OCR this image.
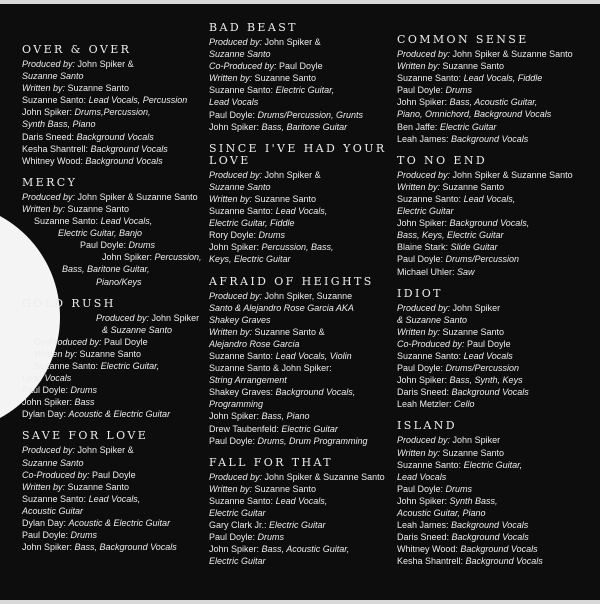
OVER & OVER
Produced by: John Spiker &
Suzanne Santo
Written by: Suzanne Santo
Suzanne Santo: Lead Vocals, Percussion
John Spiker: Drums,Percussion,
Synth Bass, Piano
Daris Sneed: Background Vocals
Kesha Shantrell: Background Vocals
Whitney Wood: Background Vocals
MERCY
Produced by: John Spiker & Suzanne Santo
Written by: Suzanne Santo
Suzanne Santo: Lead Vocals,
Electric Guitar, Banjo
Paul Doyle: Drums
John Spiker: Percussion,
Bass, Baritone Guitar,
Piano/Keys
GOLD RUSH
Produced by: John Spiker
& Suzanne Santo
Co-Produced by: Paul Doyle
Written by: Suzanne Santo
Suzanne Santo: Electric Guitar,
Lead Vocals
Paul Doyle: Drums
John Spiker: Bass
Dylan Day: Acoustic & Electric Guitar
SAVE FOR LOVE
Produced by: John Spiker &
Suzanne Santo
Co-Produced by: Paul Doyle
Written by: Suzanne Santo
Suzanne Santo: Lead Vocals,
Acoustic Guitar
Dylan Day: Acoustic & Electric Guitar
Paul Doyle: Drums
John Spiker: Bass, Background Vocals
BAD BEAST
Produced by: John Spiker &
Suzanne Santo
Co-Produced by: Paul Doyle
Written by: Suzanne Santo
Suzanne Santo: Electric Guitar,
Lead Vocals
Paul Doyle: Drums/Percussion, Grunts
John Spiker: Bass, Baritone Guitar
SINCE I'VE HAD YOUR LOVE
Produced by: John Spiker &
Suzanne Santo
Written by: Suzanne Santo
Suzanne Santo: Lead Vocals,
Electric Guitar, Fiddle
Rory Doyle: Drums
John Spiker: Percussion, Bass,
Keys, Electric Guitar
AFRAID OF HEIGHTS
Produced by: John Spiker, Suzanne
Santo & Alejandro Rose Garcia AKA
Shakey Graves
Written by: Suzanne Santo &
Alejandro Rose Garcia
Suzanne Santo: Lead Vocals, Violin
Suzanne Santo & John Spiker:
String Arrangement
Shakey Graves: Background Vocals,
Programming
John Spiker: Bass, Piano
Drew Taubenfeld: Electric Guitar
Paul Doyle: Drums, Drum Programming
FALL FOR THAT
Produced by: John Spiker & Suzanne Santo
Written by: Suzanne Santo
Suzanne Santo: Lead Vocals,
Electric Guitar
Gary Clark Jr.: Electric Guitar
Paul Doyle: Drums
John Spiker: Bass, Acoustic Guitar,
Electric Guitar
COMMON SENSE
Produced by: John Spiker & Suzanne Santo
Written by: Suzanne Santo
Suzanne Santo: Lead Vocals, Fiddle
Paul Doyle: Drums
John Spiker: Bass, Acoustic Guitar,
Piano, Omnichord, Background Vocals
Ben Jaffe: Electric Guitar
Leah James: Background Vocals
TO NO END
Produced by: John Spiker & Suzanne Santo
Written by: Suzanne Santo
Suzanne Santo: Lead Vocals,
Electric Guitar
John Spiker: Background Vocals,
Bass, Keys, Electric Guitar
Blaine Stark: Slide Guitar
Paul Doyle: Drums/Percussion
Michael Uhler: Saw
IDIOT
Produced by: John Spiker
& Suzanne Santo
Written by: Suzanne Santo
Co-Produced by: Paul Doyle
Suzanne Santo: Lead Vocals
Paul Doyle: Drums/Percussion
John Spiker: Bass, Synth, Keys
Daris Sneed: Background Vocals
Leah Metzler: Cello
ISLAND
Produced by: John Spiker
Written by: Suzanne Santo
Suzanne Santo: Electric Guitar,
Lead Vocals
Paul Doyle: Drums
John Spiker: Synth Bass,
Acoustic Guitar, Piano
Leah James: Background Vocals
Daris Sneed: Background Vocals
Whitney Wood: Background Vocals
Kesha Shantrell: Background Vocals
